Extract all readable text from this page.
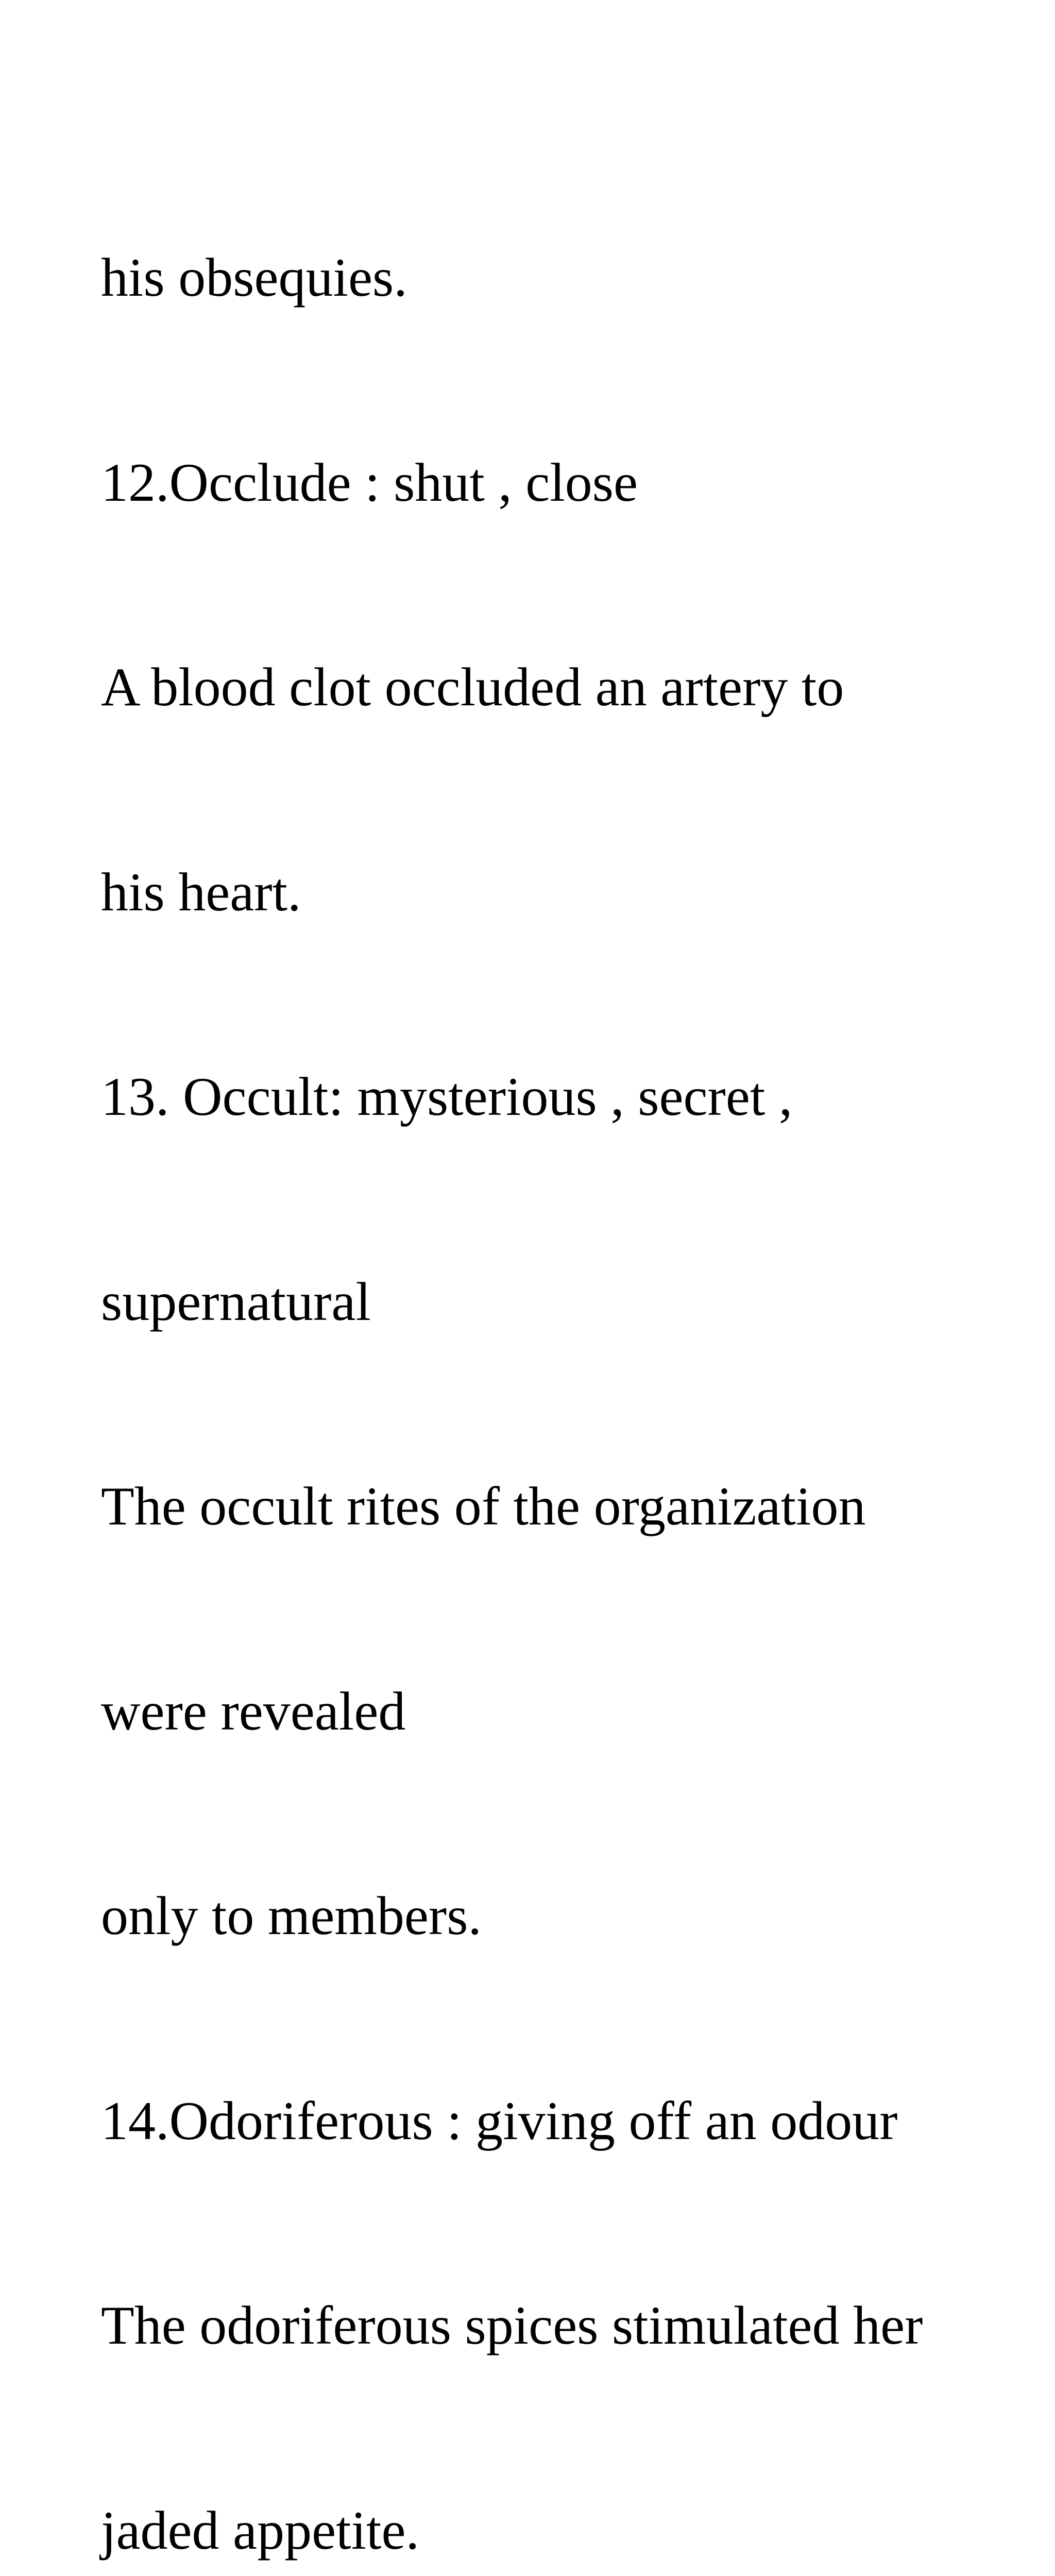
his obsequies.

12.Occlude : shut , close

A blood clot occluded an artery to

his heart.

13. Occult: mysterious , secret ,

supernatural

The occult rites of the organization

were revealed

only to members.

14.Odoriferous : giving off an odour

The odoriferous spices stimulated her

jaded appetite.
